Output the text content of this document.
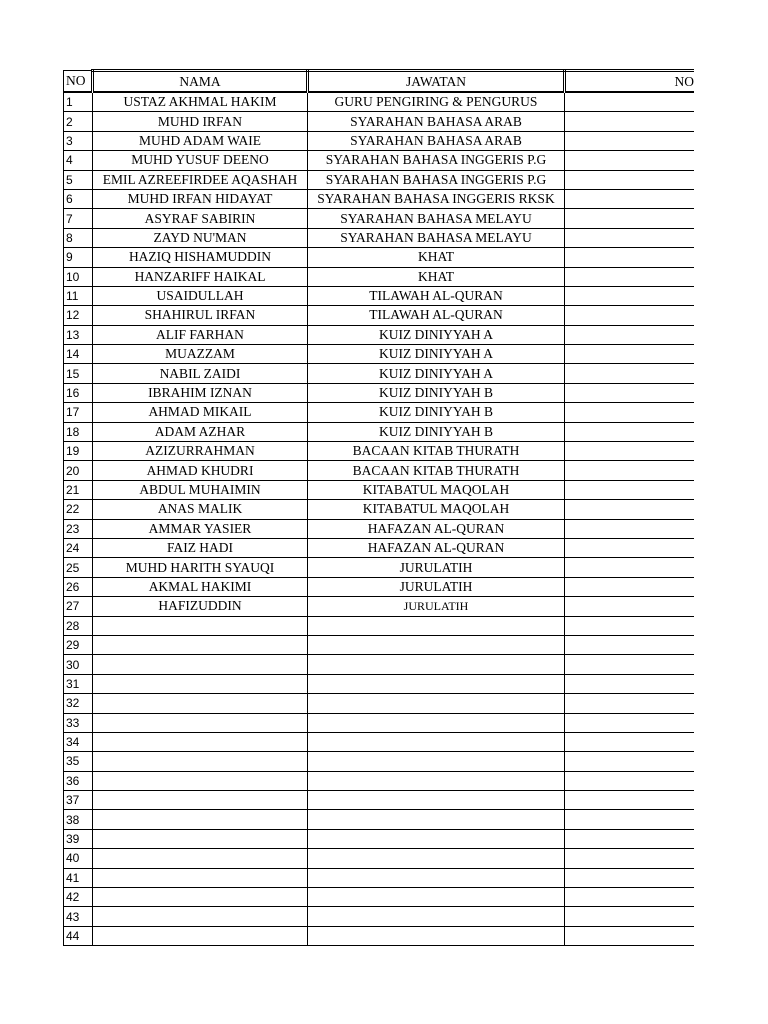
NO	NAMA	JAWATAN	NO
1	USTAZ AKHMAL HAKIM	GURU PENGIRING & PENGURUS	
2	MUHD IRFAN	SYARAHAN BAHASA ARAB	
3	MUHD ADAM WAIE	SYARAHAN BAHASA ARAB	
4	MUHD YUSUF DEENO	SYARAHAN BAHASA INGGERIS P.G	
5	EMIL AZREEFIRDEE AQASHAH	SYARAHAN BAHASA INGGERIS P.G	
6	MUHD IRFAN HIDAYAT	SYARAHAN BAHASA INGGERIS RKSK	
7	ASYRAF SABIRIN	SYARAHAN BAHASA MELAYU	
8	ZAYD NU'MAN	SYARAHAN BAHASA MELAYU	
9	HAZIQ HISHAMUDDIN	KHAT	
10	HANZARIFF HAIKAL	KHAT	
11	USAIDULLAH	TILAWAH AL-QURAN	
12	SHAHIRUL IRFAN	TILAWAH AL-QURAN	
13	ALIF FARHAN	KUIZ DINIYYAH A	
14	MUAZZAM	KUIZ DINIYYAH A	
15	NABIL ZAIDI	KUIZ DINIYYAH A	
16	IBRAHIM IZNAN	KUIZ DINIYYAH B	
17	AHMAD MIKAIL	KUIZ DINIYYAH B	
18	ADAM AZHAR	KUIZ DINIYYAH B	
19	AZIZURRAHMAN	BACAAN KITAB THURATH	
20	AHMAD KHUDRI	BACAAN KITAB THURATH	
21	ABDUL MUHAIMIN	KITABATUL MAQOLAH	
22	ANAS MALIK	KITABATUL MAQOLAH	
23	AMMAR YASIER	HAFAZAN AL-QURAN	
24	FAIZ HADI	HAFAZAN AL-QURAN	
25	MUHD HARITH SYAUQI	JURULATIH	
26	AKMAL HAKIMI	JURULATIH	
27	HAFIZUDDIN	JURULATIH	
28			
29			
30			
31			
32			
33			
34			
35			
36			
37			
38			
39			
40			
41			
42			
43			
44			
